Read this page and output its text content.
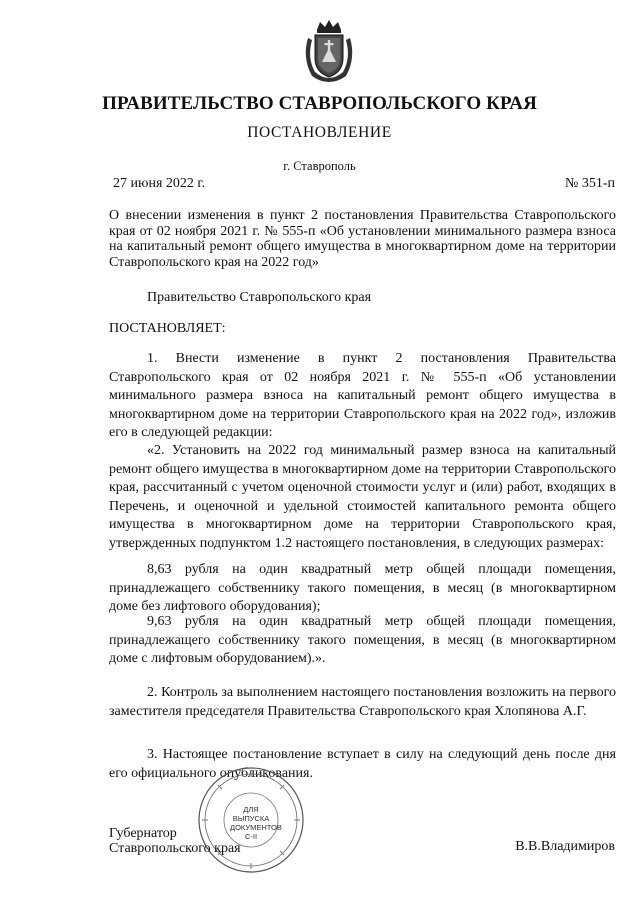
ПРАВИТЕЛЬСТВО СТАВРОПОЛЬСКОГО КРАЯ

ПОСТАНОВЛЕНИЕ

г. Ставрополь

27 июня 2022 г.	№ 351-п

О внесении изменения в пункт 2 постановления Правительства Ставропольского края от 02 ноября 2021 г. № 555-п «Об установлении минимального размера взноса на капитальный ремонт общего имущества в многоквартирном доме на территории Ставропольского края на 2022 год»

Правительство Ставропольского края

ПОСТАНОВЛЯЕТ:

1. Внести изменение в пункт 2 постановления Правительства Ставропольского края от 02 ноября 2021 г. № 555-п «Об установлении минимального размера взноса на капитальный ремонт общего имущества в многоквартирном доме на территории Ставропольского края на 2022 год», изложив его в следующей редакции:

«2. Установить на 2022 год минимальный размер взноса на капитальный ремонт общего имущества в многоквартирном доме на территории Ставропольского края, рассчитанный с учетом оценочной стоимости услуг и (или) работ, входящих в Перечень, и оценочной и удельной стоимостей капитального ремонта общего имущества в многоквартирном доме на территории Ставропольского края, утвержденных подпунктом 1.2 настоящего постановления, в следующих размерах:

8,63 рубля на один квадратный метр общей площади помещения, принадлежащего собственнику такого помещения, в месяц (в многоквартирном доме без лифтового оборудования);

9,63 рубля на один квадратный метр общей площади помещения, принадлежащего собственнику такого помещения, в месяц (в многоквартирном доме с лифтовым оборудованием).».

2. Контроль за выполнением настоящего постановления возложить на первого заместителя председателя Правительства Ставропольского края Хлопянова А.Г.

3. Настоящее постановление вступает в силу на следующий день после дня его официального опубликования.

ДЛЯ
ВЫПУСКА
ДОКУМЕНТОВ
С-II
Губернатор
Ставропольского края	В.В.Владимиров
